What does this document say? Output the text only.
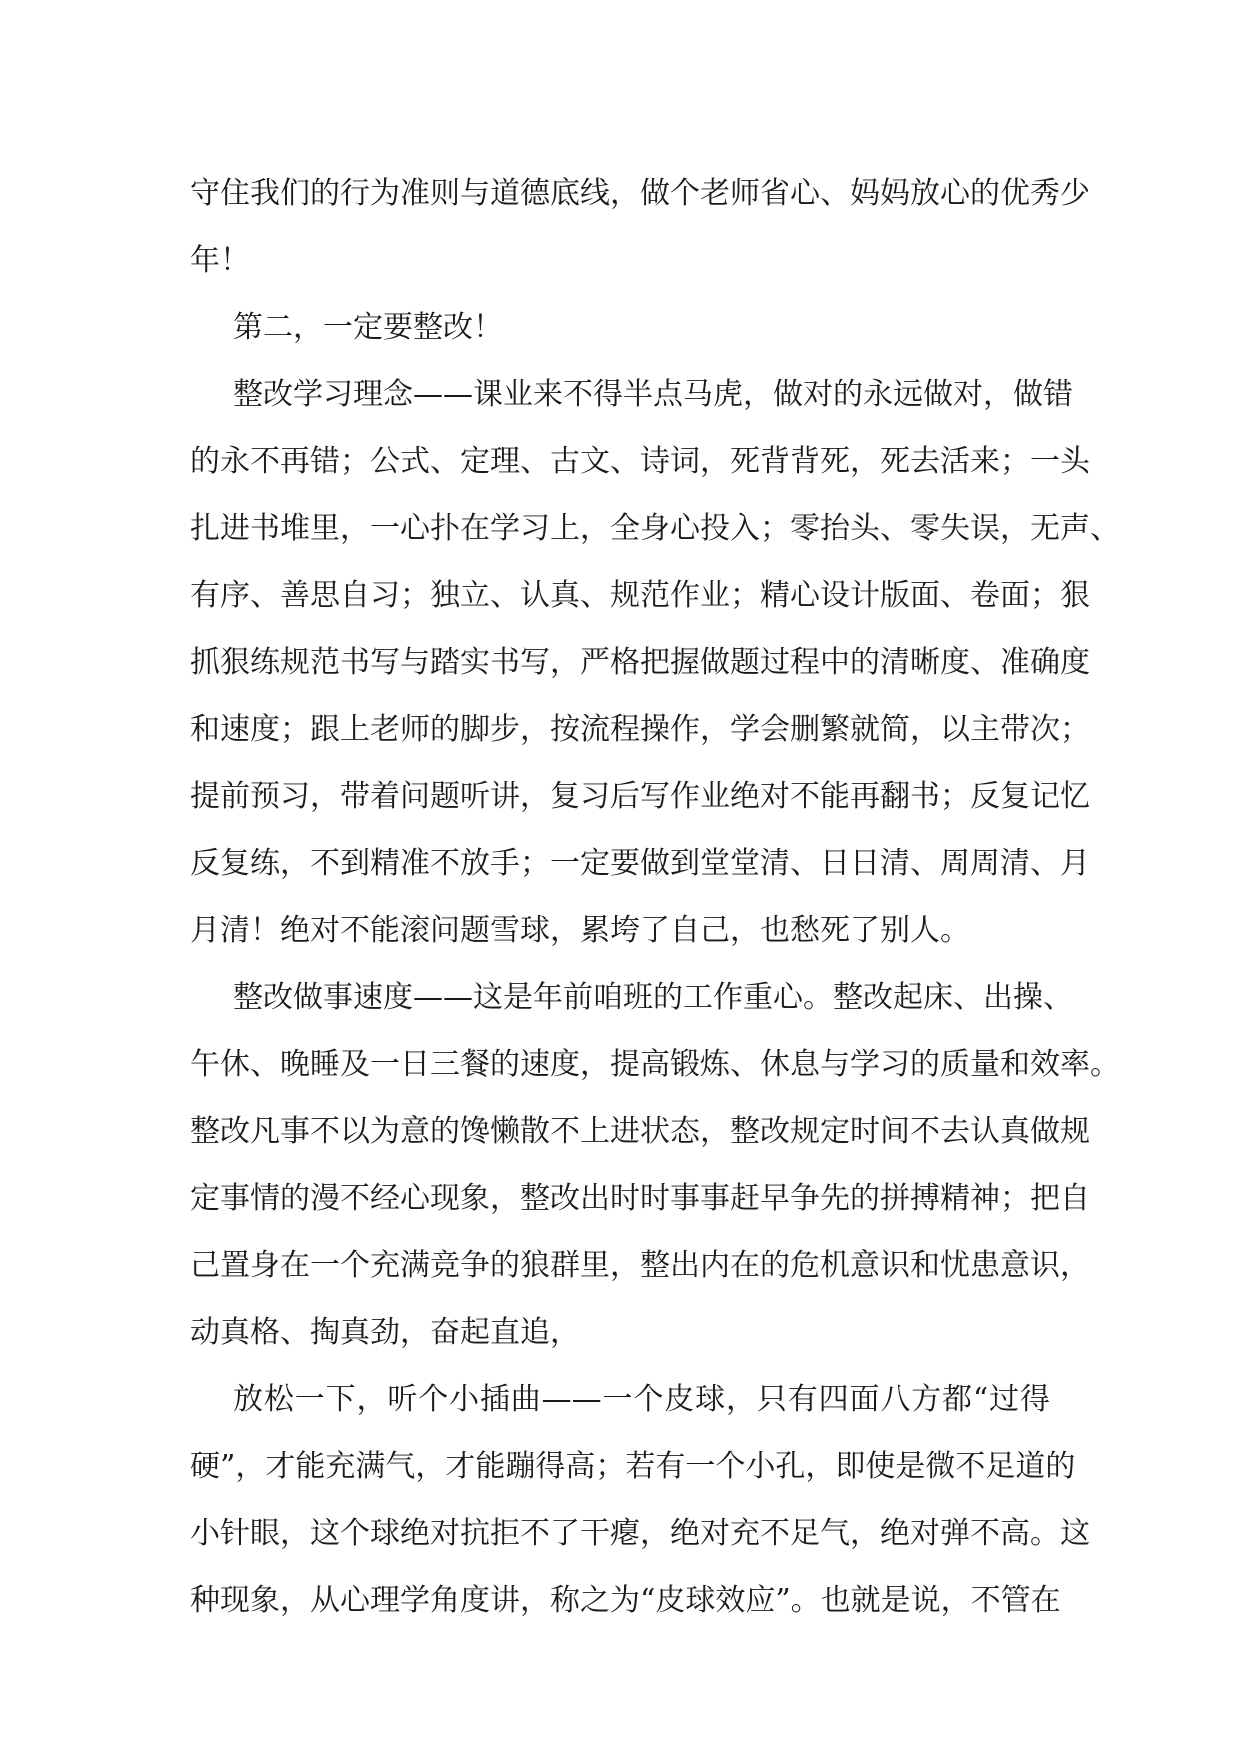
守住我们的行为准则与道德底线，做个老师省心、妈妈放心的优秀少
年！
第二，一定要整改！
整改学习理念——课业来不得半点马虎，做对的永远做对，做错
的永不再错；公式、定理、古文、诗词，死背背死，死去活来；一头
扎进书堆里，一心扑在学习上，全身心投入；零抬头、零失误，无声、
有序、善思自习；独立、认真、规范作业；精心设计版面、卷面；狠
抓狠练规范书写与踏实书写，严格把握做题过程中的清晰度、准确度
和速度；跟上老师的脚步，按流程操作，学会删繁就简，以主带次；
提前预习，带着问题听讲，复习后写作业绝对不能再翻书；反复记忆
反复练，不到精准不放手；一定要做到堂堂清、日日清、周周清、月
月清！绝对不能滚问题雪球，累垮了自己，也愁死了别人。
整改做事速度——这是年前咱班的工作重心。整改起床、出操、
午休、晚睡及一日三餐的速度，提高锻炼、休息与学习的质量和效率。
整改凡事不以为意的馋懒散不上进状态，整改规定时间不去认真做规
定事情的漫不经心现象，整改出时时事事赶早争先的拼搏精神；把自
己置身在一个充满竞争的狼群里，整出内在的危机意识和忧患意识，
动真格、掏真劲，奋起直追，
放松一下，听个小插曲——一个皮球，只有四面八方都“过得
硬”，才能充满气，才能蹦得高；若有一个小孔，即使是微不足道的
小针眼，这个球绝对抗拒不了干瘪，绝对充不足气，绝对弹不高。这
种现象，从心理学角度讲，称之为“皮球效应”。也就是说，不管在
